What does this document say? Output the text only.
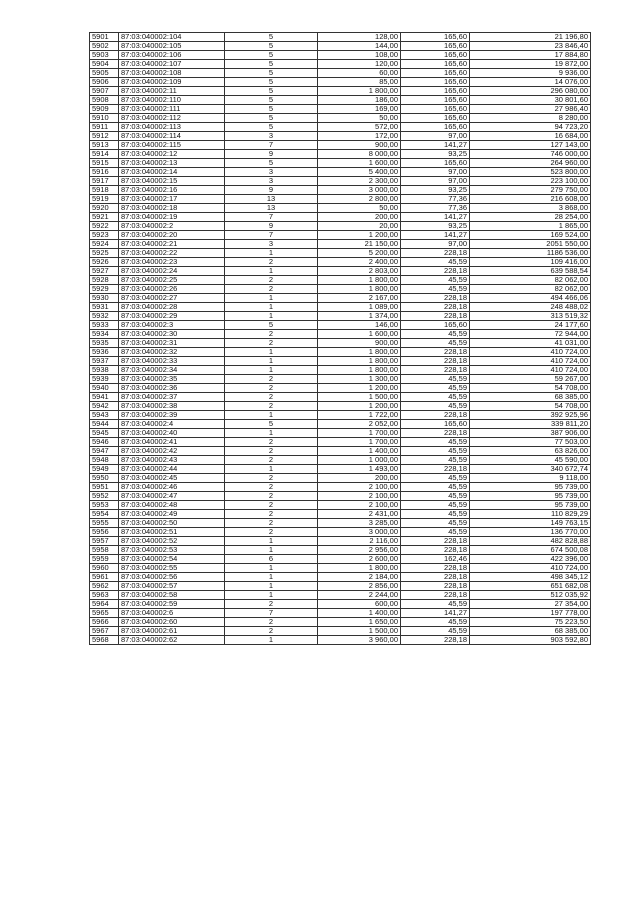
5901	87:03:040002:104	5	128,00	165,60	21 196,80
5902	87:03:040002:105	5	144,00	165,60	23 846,40
5903	87:03:040002:106	5	108,00	165,60	17 884,80
5904	87:03:040002:107	5	120,00	165,60	19 872,00
5905	87:03:040002:108	5	60,00	165,60	9 936,00
5906	87:03:040002:109	5	85,00	165,60	14 076,00
5907	87:03:040002:11	5	1 800,00	165,60	296 080,00
5908	87:03:040002:110	5	186,00	165,60	30 801,60
5909	87:03:040002:111	5	169,00	165,60	27 986,40
5910	87:03:040002:112	5	50,00	165,60	8 280,00
5911	87:03:040002:113	5	572,00	165,60	94 723,20
5912	87:03:040002:114	3	172,00	97,00	16 684,00
5913	87:03:040002:115	7	900,00	141,27	127 143,00
5914	87:03:040002:12	9	8 000,00	93,25	746 000,00
5915	87:03:040002:13	5	1 600,00	165,60	264 960,00
5916	87:03:040002:14	3	5 400,00	97,00	523 800,00
5917	87:03:040002:15	3	2 300,00	97,00	223 100,00
5918	87:03:040002:16	9	3 000,00	93,25	279 750,00
5919	87:03:040002:17	13	2 800,00	77,36	216 608,00
5920	87:03:040002:18	13	50,00	77,36	3 868,00
5921	87:03:040002:19	7	200,00	141,27	28 254,00
5922	87:03:040002:2	9	20,00	93,25	1 865,00
5923	87:03:040002:20	7	1 200,00	141,27	169 524,00
5924	87:03:040002:21	3	21 150,00	97,00	2051 550,00
5925	87:03:040002:22	1	5 200,00	228,18	1186 536,00
5926	87:03:040002:23	2	2 400,00	45,59	109 416,00
5927	87:03:040002:24	1	2 803,00	228,18	639 588,54
5928	87:03:040002:25	2	1 800,00	45,59	82 062,00
5929	87:03:040002:26	2	1 800,00	45,59	82 062,00
5930	87:03:040002:27	1	2 167,00	228,18	494 466,06
5931	87:03:040002:28	1	1 089,00	228,18	248 488,02
5932	87:03:040002:29	1	1 374,00	228,18	313 519,32
5933	87:03:040002:3	5	146,00	165,60	24 177,60
5934	87:03:040002:30	2	1 600,00	45,59	72 944,00
5935	87:03:040002:31	2	900,00	45,59	41 031,00
5936	87:03:040002:32	1	1 800,00	228,18	410 724,00
5937	87:03:040002:33	1	1 800,00	228,18	410 724,00
5938	87:03:040002:34	1	1 800,00	228,18	410 724,00
5939	87:03:040002:35	2	1 300,00	45,59	59 267,00
5940	87:03:040002:36	2	1 200,00	45,59	54 708,00
5941	87:03:040002:37	2	1 500,00	45,59	68 385,00
5942	87:03:040002:38	2	1 200,00	45,59	54 708,00
5943	87:03:040002:39	1	1 722,00	228,18	392 925,96
5944	87:03:040002:4	5	2 052,00	165,60	339 811,20
5945	87:03:040002:40	1	1 700,00	228,18	387 906,00
5946	87:03:040002:41	2	1 700,00	45,59	77 503,00
5947	87:03:040002:42	2	1 400,00	45,59	63 826,00
5948	87:03:040002:43	2	1 000,00	45,59	45 590,00
5949	87:03:040002:44	1	1 493,00	228,18	340 672,74
5950	87:03:040002:45	2	200,00	45,59	9 118,00
5951	87:03:040002:46	2	2 100,00	45,59	95 739,00
5952	87:03:040002:47	2	2 100,00	45,59	95 739,00
5953	87:03:040002:48	2	2 100,00	45,59	95 739,00
5954	87:03:040002:49	2	2 431,00	45,59	110 829,29
5955	87:03:040002:50	2	3 285,00	45,59	149 763,15
5956	87:03:040002:51	2	3 000,00	45,59	136 770,00
5957	87:03:040002:52	1	2 116,00	228,18	482 828,88
5958	87:03:040002:53	1	2 956,00	228,18	674 500,08
5959	87:03:040002:54	6	2 600,00	162,46	422 396,00
5960	87:03:040002:55	1	1 800,00	228,18	410 724,00
5961	87:03:040002:56	1	2 184,00	228,18	498 345,12
5962	87:03:040002:57	1	2 856,00	228,18	651 682,08
5963	87:03:040002:58	1	2 244,00	228,18	512 035,92
5964	87:03:040002:59	2	600,00	45,59	27 354,00
5965	87:03:040002:6	7	1 400,00	141,27	197 778,00
5966	87:03:040002:60	2	1 650,00	45,59	75 223,50
5967	87:03:040002:61	2	1 500,00	45,59	68 385,00
5968	87:03:040002:62	1	3 960,00	228,18	903 592,80
